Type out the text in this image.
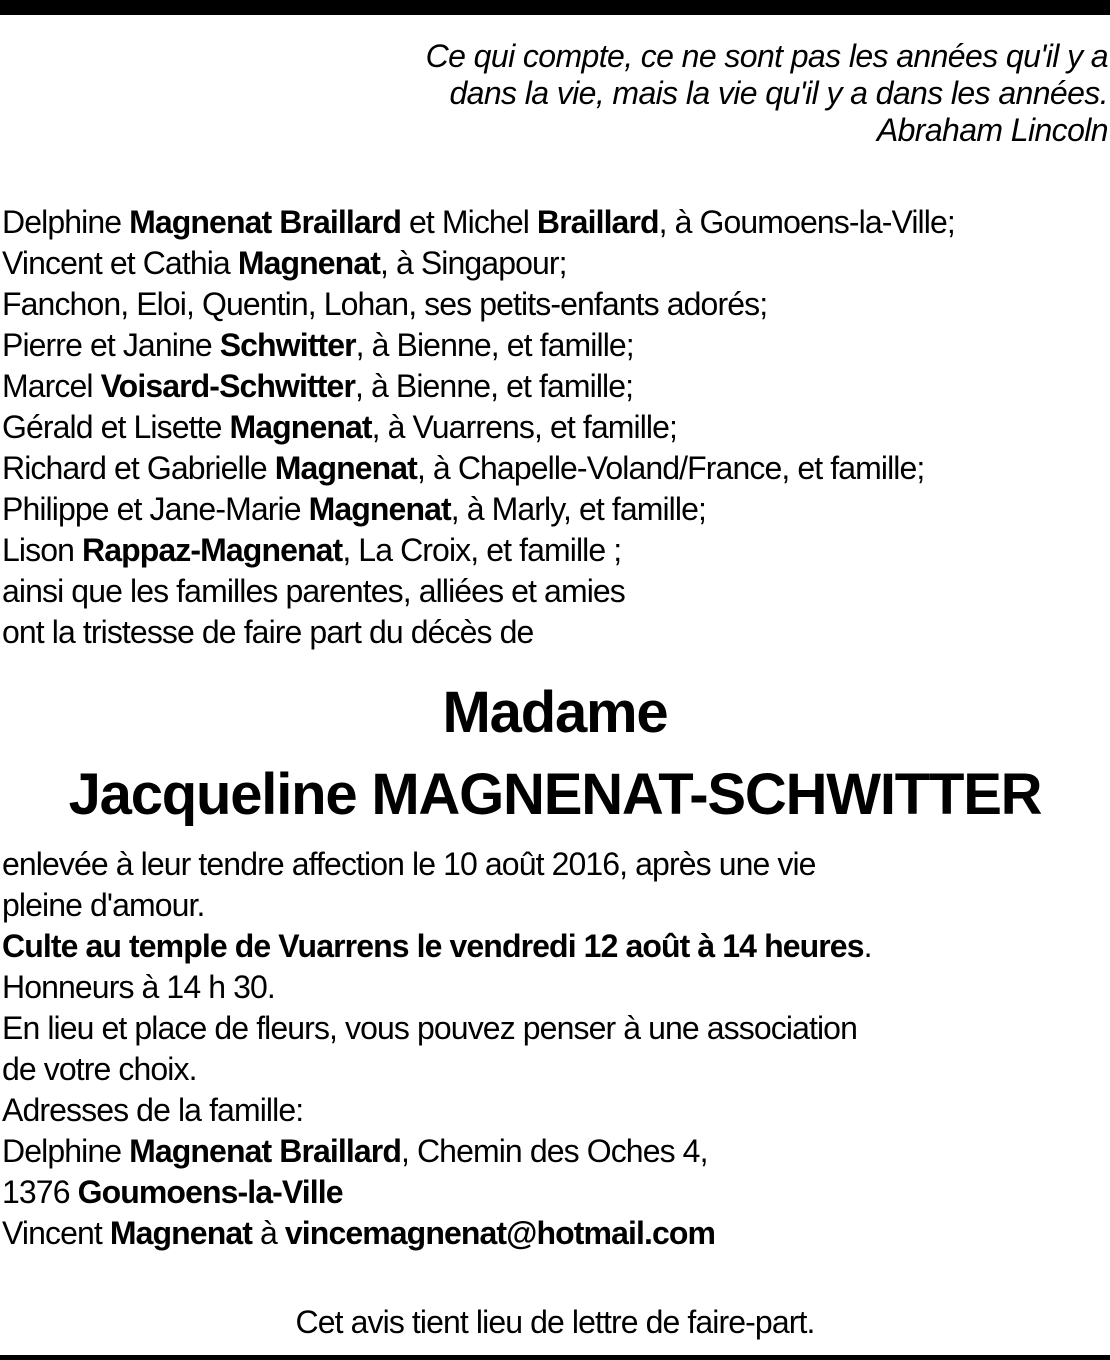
Ce qui compte, ce ne sont pas les années qu'il y a
dans la vie, mais la vie qu'il y a dans les années.
Abraham Lincoln
Delphine Magnenat Braillard et Michel Braillard, à Goumoens-la-Ville;
Vincent et Cathia Magnenat, à Singapour;
Fanchon, Eloi, Quentin, Lohan, ses petits-enfants adorés;
Pierre et Janine Schwitter, à Bienne, et famille;
Marcel Voisard-Schwitter, à Bienne, et famille;
Gérald et Lisette Magnenat, à Vuarrens, et famille;
Richard et Gabrielle Magnenat, à Chapelle-Voland/France, et famille;
Philippe et Jane-Marie Magnenat, à Marly, et famille;
Lison Rappaz-Magnenat, La Croix, et famille ;
ainsi que les familles parentes, alliées et amies
ont la tristesse de faire part du décès de
Madame
Jacqueline MAGNENAT-SCHWITTER
enlevée à leur tendre affection le 10 août 2016, après une vie
pleine d'amour.
Culte au temple de Vuarrens le vendredi 12 août à 14 heures.
Honneurs à 14 h 30.
En lieu et place de fleurs, vous pouvez penser à une association
de votre choix.
Adresses de la famille:
Delphine Magnenat Braillard, Chemin des Oches 4,
1376 Goumoens-la-Ville
Vincent Magnenat à vincemagnenat@hotmail.com
Cet avis tient lieu de lettre de faire-part.
